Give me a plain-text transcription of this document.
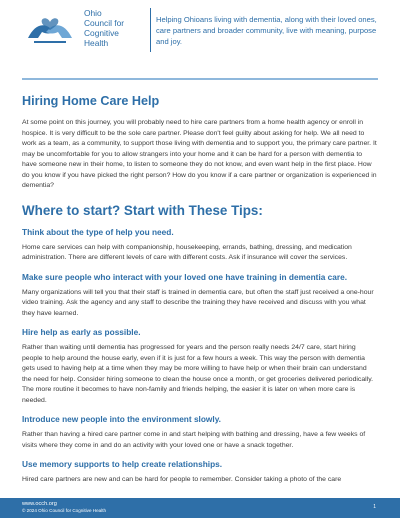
Ohio
Council for
Cognitive
Health
Helping Ohioans living with dementia, along with their loved ones, care partners and broader community, live with meaning, purpose and joy.
Hiring Home Care Help

At some point on this journey, you will probably need to hire care partners from a home health agency or enroll in hospice. It is very difficult to be the sole care partner. Please don't feel guilty about asking for help. We all need to work as a team, as a community, to support those living with dementia and to support you, the primary care partner. It may be uncomfortable for you to allow strangers into your home and it can be hard for a person with dementia to have someone new in their home, to listen to someone they do not know, and even want help in the first place. How do you know if you have picked the right person? How do you know if a care partner or organization is experienced in dementia?

Where to start? Start with These Tips:
Think about the type of help you need.

Home care services can help with companionship, housekeeping, errands, bathing, dressing, and medication administration. There are different levels of care with different costs. Ask if insurance will cover the services.

Make sure people who interact with your loved one have training in dementia care.

Many organizations will tell you that their staff is trained in dementia care, but often the staff just received a one-hour video training. Ask the agency and any staff to describe the training they have received and discuss with you what they have learned.

Hire help as early as possible.

Rather than waiting until dementia has progressed for years and the person really needs 24/7 care, start hiring people to help around the house early, even if it is just for a few hours a week. This way the person with dementia gets used to having help at a time when they may be more willing to have help or when their brain can understand the need for help. Consider hiring someone to clean the house once a month, or get groceries delivered periodically. The more routine it becomes to have non-family and friends helping, the easier it is later on when more care is needed.

Introduce new people into the environment slowly.

Rather than having a hired care partner come in and start helping with bathing and dressing, have a few weeks of visits where they come in and do an activity with your loved one or have a snack together.

Use memory supports to help create relationships.

Hired care partners are new and can be hard for people to remember. Consider taking a photo of the care

www.occh.org
© 2024 Ohio Council for Cognitive Health
1
